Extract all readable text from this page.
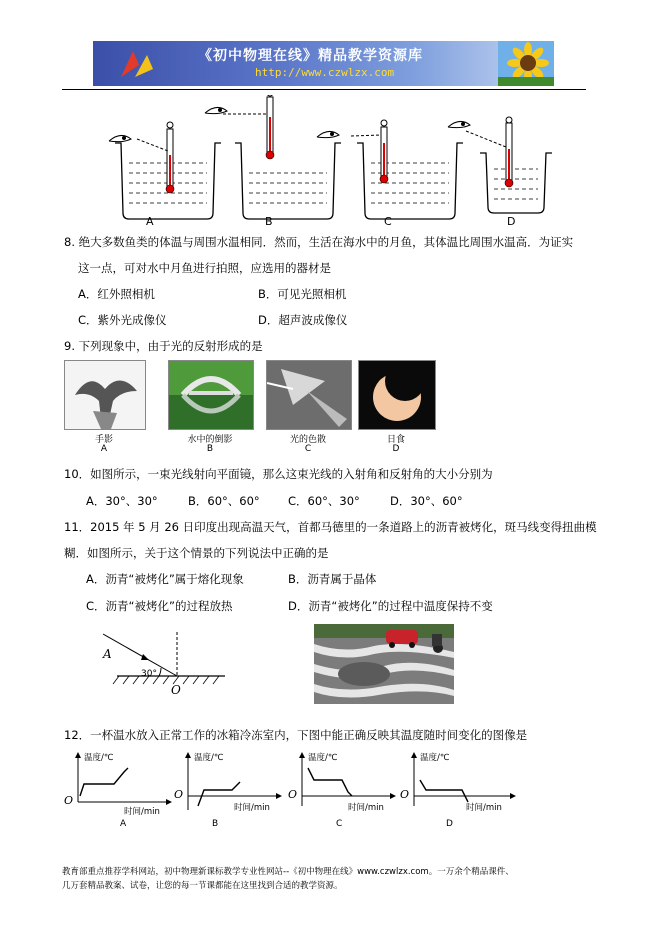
《初中物理在线》精品教学资源库
http://www.czwlzx.com
A	B	C	D
8. 绝大多数鱼类的体温与周围水温相同．然而，生活在海水中的月鱼，其体温比周围水温高．为证实
这一点，可对水中月鱼进行拍照，应选用的器材是
A．红外照相机	B．可见光照相机
C．紫外光成像仪	D．超声波成像仪
9. 下列现象中，由于光的反射形成的是
手影	水中的倒影	光的色散	日食
A	B	C	D
10．如图所示，一束光线射向平面镜，那么这束光线的入射角和反射角的大小分别为
A．30°、30°	B．60°、60° C．60°、30°	D．30°、60°
11．2015 年 5 月 26 日印度出现高温天气，首都马德里的一条道路上的沥青被烤化，斑马线变得扭曲模
糊．如图所示，关于这个情景的下列说法中正确的是
A．沥青“被烤化”属于熔化现象	B．沥青属于晶体
C．沥青“被烤化”的过程放热	D．沥青“被烤化”的过程中温度保持不变
A
30°
O
12．一杯温水放入正常工作的冰箱冷冻室内，下图中能正确反映其温度随时间变化的图像是
温度/℃
时间/min
O
A
温度/℃
时间/min
O
B
温度/℃
时间/min
O
C
温度/℃
时间/min
O
D
教育部重点推荐学科网站，初中物理新课标教学专业性网站--《初中物理在线》www.czwlzx.com。一万余个精品课件、
几万套精品教案、试卷，让您的每一节课都能在这里找到合适的教学资源。
